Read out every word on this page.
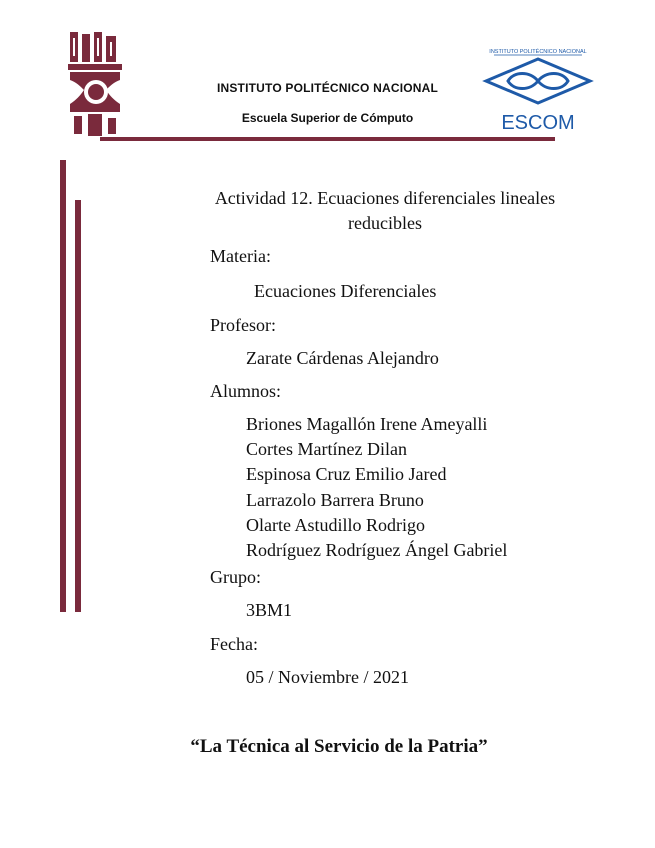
INSTITUTO POLITÉCNICO NACIONAL
Escuela Superior de Cómputo
INSTITUTO POLITÉCNICO NACIONAL
ESCOM
Actividad 12. Ecuaciones diferenciales lineales reducibles
Materia:
Ecuaciones Diferenciales
Profesor:
Zarate Cárdenas Alejandro
Alumnos:
Briones Magallón Irene Ameyalli
Cortes Martínez Dilan
Espinosa Cruz Emilio Jared
Larrazolo Barrera Bruno
Olarte Astudillo Rodrigo
Rodríguez Rodríguez Ángel Gabriel
Grupo:
3BM1
Fecha:
05 / Noviembre / 2021
“La Técnica al Servicio de la Patria”
